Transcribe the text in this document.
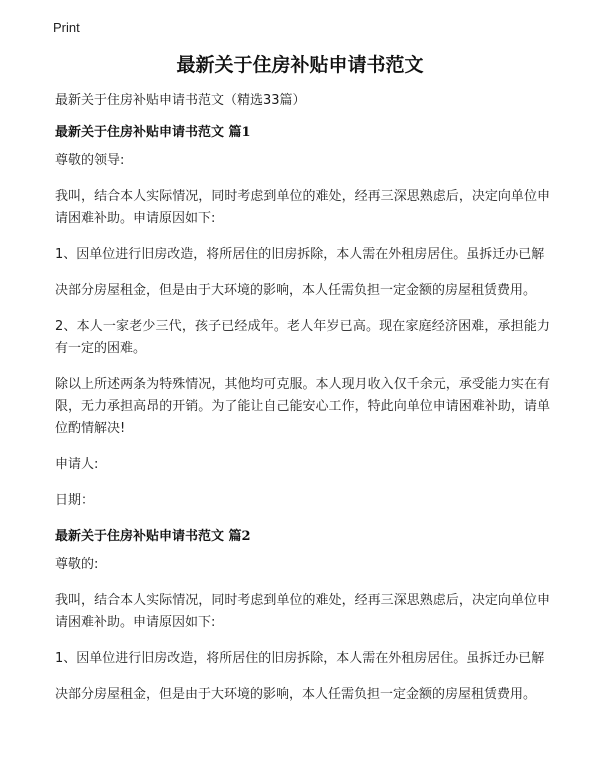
Print
最新关于住房补贴申请书范文
最新关于住房补贴申请书范文（精选33篇）
最新关于住房补贴申请书范文 篇1
尊敬的领导:
我叫，结合本人实际情况，同时考虑到单位的难处，经再三深思熟虑后，决定向单位申请困难补助。申请原因如下:
1、因单位进行旧房改造，将所居住的旧房拆除，本人需在外租房居住。虽拆迁办已解
决部分房屋租金，但是由于大环境的影响，本人任需负担一定金额的房屋租赁费用。
2、本人一家老少三代，孩子已经成年。老人年岁已高。现在家庭经济困难，承担能力有一定的困难。
除以上所述两条为特殊情况，其他均可克服。本人现月收入仅千余元，承受能力实在有限，无力承担高昂的开销。为了能让自己能安心工作，特此向单位申请困难补助，请单位酌情解决!
申请人:
日期：
最新关于住房补贴申请书范文 篇2
尊敬的:
我叫，结合本人实际情况，同时考虑到单位的难处，经再三深思熟虑后，决定向单位申请困难补助。申请原因如下:
1、因单位进行旧房改造，将所居住的旧房拆除，本人需在外租房居住。虽拆迁办已解
决部分房屋租金，但是由于大环境的影响，本人任需负担一定金额的房屋租赁费用。
